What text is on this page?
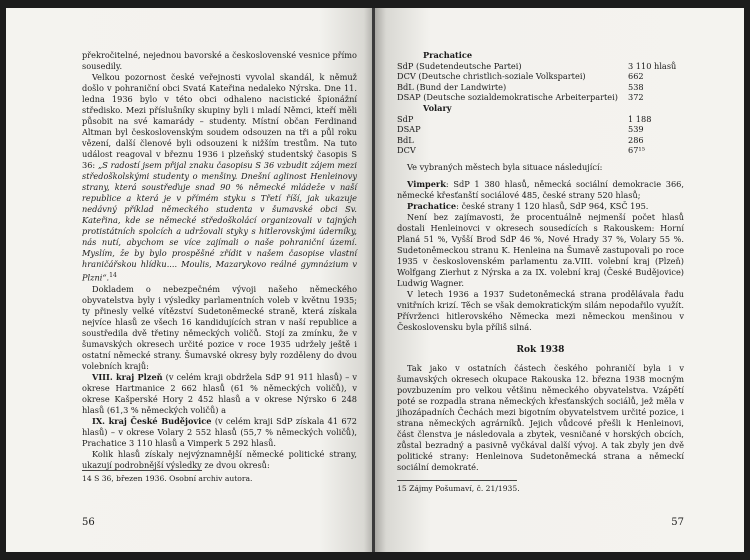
překročitelné, nejednou bavorské a československé vesnice přímo sousedily.

Velkou pozornost české veřejnosti vyvolal skandál, k němuž došlo v pohraniční obci Svatá Kateřina nedaleko Nýrska. Dne 11. ledna 1936 bylo v této obci odhaleno nacistické špionážní středisko. Mezi příslušníky skupiny byli i mladí Němci, kteří měli působit na své kamarády – studenty. Místní občan Ferdinand Altman byl československým soudem odsouzen na tři a půl roku vězení, další členové byli odsouzeni k nižším trestům. Na tuto událost reagoval v březnu 1936 i plzeňský studentský časopis S 36: „S radostí jsem přijal znaku časopisu S 36 vzbudit zájem mezi středoškolskými studenty o menšiny. Dnešní aglinost Henleinovy strany, která soustřeďuje snad 90 % německé mládeže v naší republice a která je v přímém styku s Třetí říší, jak ukazuje nedávný příklad německého studenta v šumavské obci Sv. Kateřina, kde se německé středoškolácí organizovali v tajných protistátních spolcích a udržovali styky s hitlerovskými úderníky, nás nutí, abychom se více zajímali o naše pohraniční území. Myslím, že by bylo prospěšné zřídit v našem časopise vlastní hraničářskou hlídku.... Moulis, Mazarykovo reálné gymnázium v Plzni“.$^{14}$

Dokladem o nebezpečném vývoji našeho německého obyvatelstva byly i výsledky parlamentních voleb v květnu 1935; ty přinesly velké vítězství Sudetoněmecké straně, která získala nejvíce hlasů ze všech 16 kandidujících stran v naší republice a soustředila dvě třetiny německých voličů. Stojí za zmínku, že v šumavských okresech určité pozice v roce 1935 udržely ještě i ostatní německé strany. Šumavské okresy byly rozděleny do dvou volebních krajů:

VIII. kraj Plzeň (v celém kraji obdržela SdP 91 911 hlasů) – v okrese Hartmanice 2 662 hlasů (61 % německých voličů), v okrese Kašperské Hory 2 452 hlasů a v okrese Nýrsko 6 248 hlasů (61,3 % německých voličů) a

IX. kraj České Budějovice (v celém kraji SdP získala 41 672 hlasů) – v okrese Volary 2 552 hlasů (55,7 % německých voličů), Prachatice 3 110 hlasů a Vimperk 5 292 hlasů.

Kolik hlasů získaly nejvýznamnější německé politické strany, ukazují podrobnější výsledky ze dvou okresů:

14 S 36, březen 1936. Osobní archiv autora.
56
Prachatice	
SdP (Sudetendeutsche Partei)	3 110 hlasů
DCV (Deutsche christlich-soziale Volkspartei)	662
BdL (Bund der Landwirte)	538
DSAP (Deutsche sozialdemokratische Arbeiterpartei)	372
Volary	
SdP	1 188
DSAP	539
BdL	286
DCV	67¹⁵

Ve vybraných městech byla situace následující:

Vimperk: SdP 1 380 hlasů, německá sociální demokracie 366, německé křesťanští sociálové 485, české strany 520 hlasů;

Prachatice: české strany 1 120 hlasů, SdP 964, KSČ 195.

Není bez zajímavosti, že procentuálně nejmenší počet hlasů dostali Henleinovci v okresech sousedících s Rakouskem: Horní Planá 51 %, Vyšší Brod SdP 46 %, Nové Hrady 37 %, Volary 55 %. Sudetoněmeckou stranu K. Henleina na Šumavě zastupovali po roce 1935 v československém parlamentu za.VIII. volební kraj (Plzeň) Wolfgang Zierhut z Nýrska a za IX. volební kraj (České Budějovice) Ludwig Wagner.

V letech 1936 a 1937 Sudetoněmecká strana prodělávala řadu vnitřních krizí. Těch se však demokratickým silám nepodařilo využít. Přívrženci hitlerovského Německa mezi německou menšinou v Československu byla příliš silná.

Rok 1938

Tak jako v ostatních částech českého pohraničí byla i v šumavských okresech okupace Rakouska 12. března 1938 mocným povzbuzením pro velkou většinu německého obyvatelstva. Vzápětí poté se rozpadla strana německých křesťanských sociálů, jež měla v jihozápadních Čechách mezi bigotním obyvatelstvem určité pozice, i strana německých agrárníků. Jejich vůdcové přešli k Henleinovi, část členstva je následovala a zbytek, vesničané v horských obcích, zůstal bezradný a pasivně vyčkával další vývoj. A tak zbyly jen dvě politické strany: Henleinova Sudetoněmecká strana a německí sociální demokraté.

15 Zájmy Pošumaví, č. 21/1935.
57
